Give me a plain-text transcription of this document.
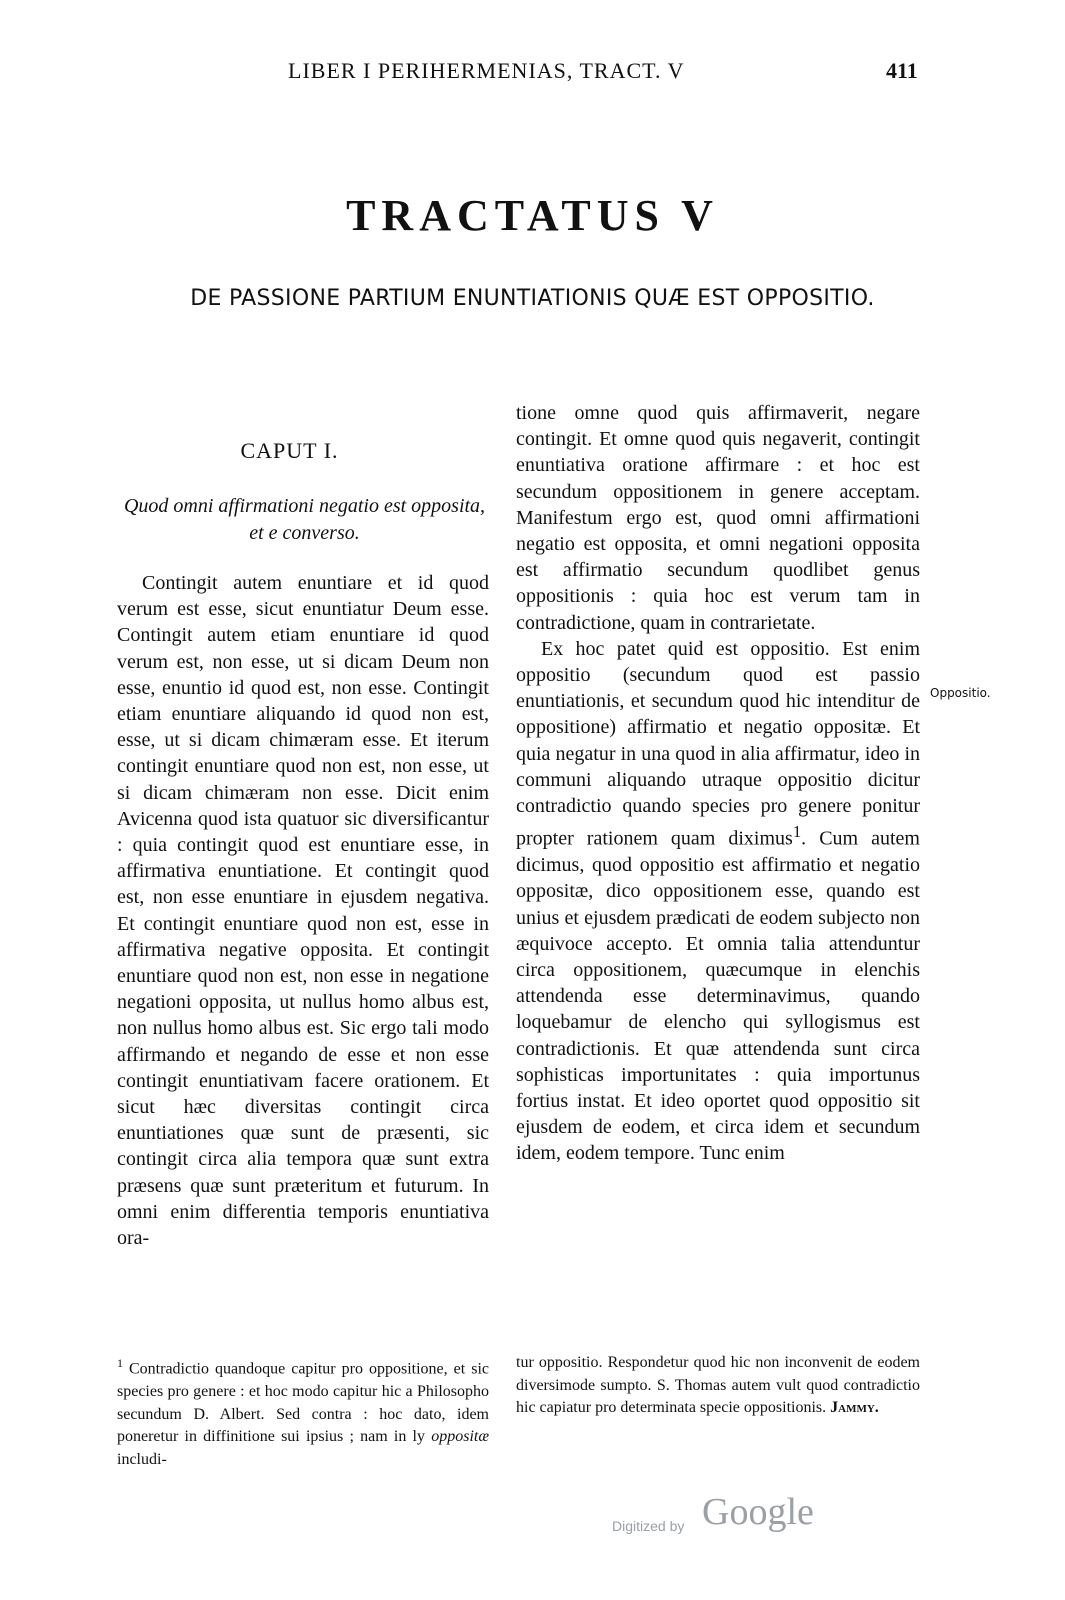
LIBER I PERIHERMENIAS, TRACT. V	411
TRACTATUS V
DE PASSIONE PARTIUM ENUNTIATIONIS QUÆ EST OPPOSITIO.
CAPUT I.
Quod omni affirmationi negatio est opposita, et e converso.

Contingit autem enuntiare et id quod verum est esse, sicut enuntiatur Deum esse. Contingit autem etiam enuntiare id quod verum est, non esse, ut si dicam Deum non esse, enuntio id quod est, non esse. Contingit etiam enuntiare aliquando id quod non est, esse, ut si dicam chimæram esse. Et iterum contingit enuntiare quod non est, non esse, ut si dicam chimæram non esse. Dicit enim Avicenna quod ista quatuor sic diversificantur : quia contingit quod est enuntiare esse, in affirmativa enuntiatione. Et contingit quod est, non esse enuntiare in ejusdem negativa. Et contingit enuntiare quod non est, esse in affirmativa negative opposita. Et contingit enuntiare quod non est, non esse in negatione negationi opposita, ut nullus homo albus est, non nullus homo albus est. Sic ergo tali modo affirmando et negando de esse et non esse contingit enuntiativam facere orationem. Et sicut hæc diversitas contingit circa enuntiationes quæ sunt de præsenti, sic contingit circa alia tempora quæ sunt extra præsens quæ sunt præteritum et futurum. In omni enim differentia temporis enuntiativa ora-

tione omne quod quis affirmaverit, negare contingit. Et omne quod quis negaverit, contingit enuntiativa oratione affirmare : et hoc est secundum oppositionem in genere acceptam. Manifestum ergo est, quod omni affirmationi negatio est opposita, et omni negationi opposita est affirmatio secundum quodlibet genus oppositionis : quia hoc est verum tam in contradictione, quam in contrarietate.

Ex hoc patet quid est oppositio. Est enim oppositio (secundum quod est passio enuntiationis, et secundum quod hic intenditur de oppositione) affirmatio et negatio oppositæ. Et quia negatur in una quod in alia affirmatur, ideo in communi aliquando utraque oppositio dicitur contradictio quando species pro genere ponitur propter rationem quam diximus$^1$. Cum autem dicimus, quod oppositio est affirmatio et negatio oppositæ, dico oppositionem esse, quando est unius et ejusdem prædicati de eodem subjecto non æquivoce accepto. Et omnia talia attenduntur circa oppositionem, quæcumque in elenchis attendenda esse determinavimus, quando loquebamur de elencho qui syllogismus est contradictionis. Et quæ attendenda sunt circa sophisticas importunitates : quia importunus fortius instat. Et ideo oportet quod oppositio sit ejusdem de eodem, et circa idem et secundum idem, eodem tempore. Tunc enim

Oppositio.

$^1$ Contradictio quandoque capitur pro oppositione, et sic species pro genere : et hoc modo capitur hic a Philosopho secundum D. Albert. Sed contra : hoc dato, idem poneretur in diffinitione sui ipsius ; nam in ly oppositæ includi-

tur oppositio. Respondetur quod hic non inconvenit de eodem diversimode sumpto. S. Thomas autem vult quod contradictio hic capiatur pro determinata specie oppositionis. Jammy.
Digitized by Google
